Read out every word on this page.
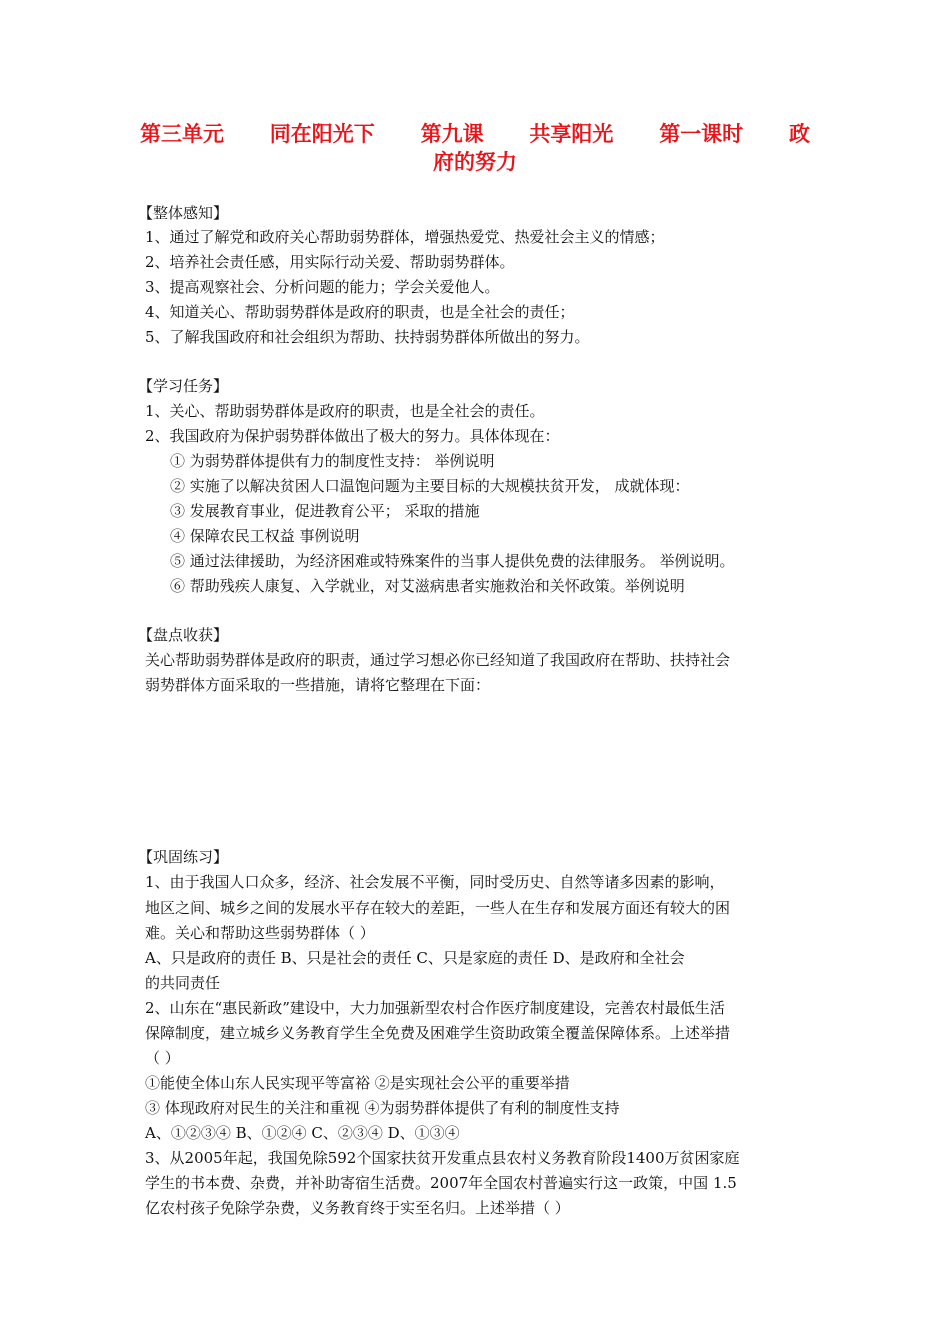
第三单元 同在阳光下 第九课 共享阳光 第一课时 政
府的努力
【整体感知】
1、通过了解党和政府关心帮助弱势群体，增强热爱党、热爱社会主义的情感；
2、培养社会责任感，用实际行动关爱、帮助弱势群体。
3、提高观察社会、分析问题的能力；学会关爱他人。
4、知道关心、帮助弱势群体是政府的职责，也是全社会的责任；
5、了解我国政府和社会组织为帮助、扶持弱势群体所做出的努力。
【学习任务】
1、关心、帮助弱势群体是政府的职责，也是全社会的责任。
2、我国政府为保护弱势群体做出了极大的努力。具体体现在：
① 为弱势群体提供有力的制度性支持： 举例说明
② 实施了以解决贫困人口温饱问题为主要目标的大规模扶贫开发， 成就体现：
③ 发展教育事业，促进教育公平； 采取的措施
④ 保障农民工权益 事例说明
⑤ 通过法律援助，为经济困难或特殊案件的当事人提供免费的法律服务。 举例说明。
⑥ 帮助残疾人康复、入学就业，对艾滋病患者实施救治和关怀政策。举例说明
【盘点收获】
关心帮助弱势群体是政府的职责，通过学习想必你已经知道了我国政府在帮助、扶持社会
弱势群体方面采取的一些措施，请将它整理在下面：
【巩固练习】
1、由于我国人口众多，经济、社会发展不平衡，同时受历史、自然等诸多因素的影响，
地区之间、城乡之间的发展水平存在较大的差距，一些人在生存和发展方面还有较大的困
难。关心和帮助这些弱势群体（ ）
A、只是政府的责任 B、只是社会的责任 C、只是家庭的责任 D、是政府和全社会
的共同责任
2、山东在“惠民新政”建设中，大力加强新型农村合作医疗制度建设，完善农村最低生活
保障制度，建立城乡义务教育学生全免费及困难学生资助政策全覆盖保障体系。上述举措
（ ）
①能使全体山东人民实现平等富裕 ②是实现社会公平的重要举措
③ 体现政府对民生的关注和重视 ④为弱势群体提供了有利的制度性支持
A、①②③④ B、①②④ C、②③④ D、①③④
3、从2005年起，我国免除592个国家扶贫开发重点县农村义务教育阶段1400万贫困家庭
学生的书本费、杂费，并补助寄宿生活费。2007年全国农村普遍实行这一政策，中国 1.5
亿农村孩子免除学杂费，义务教育终于实至名归。上述举措（ ）
